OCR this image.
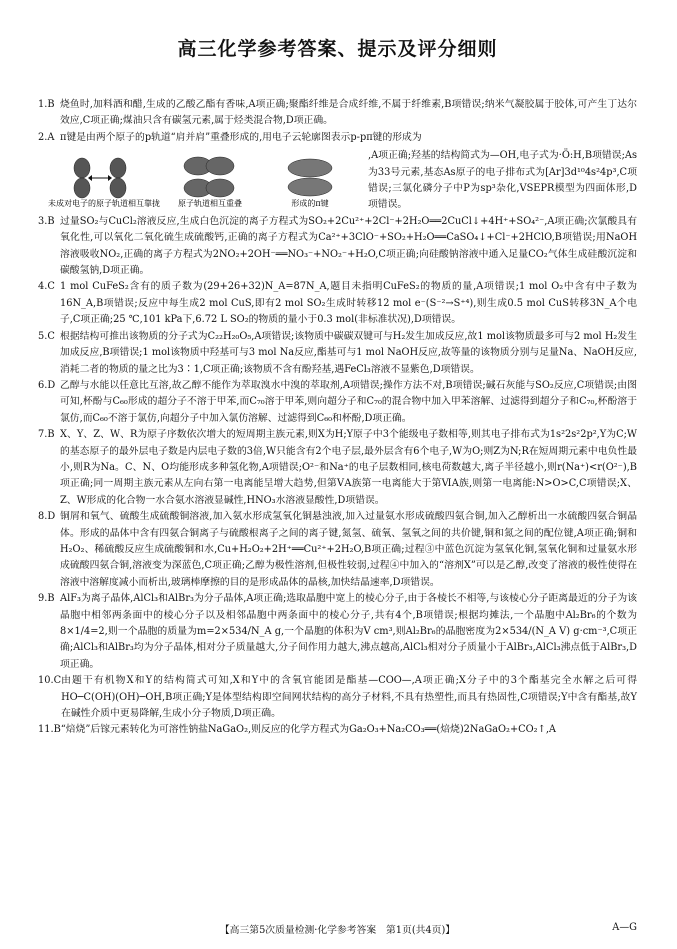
高三化学参考答案、提示及评分细则
1.B 烧鱼时,加料酒和醋,生成的乙酸乙酯有香味,A项正确;聚酯纤维是合成纤维,不属于纤维素,B项错误;纳米气凝胶属于胶体,可产生丁达尔效应,C项正确;煤油只含有碳氢元素,属于烃类混合物,D项正确。
2.A π键是由两个原子的p轨道“肩并肩”重叠形成的,用电子云轮廓图表示p-pπ键的形成为
未成对电子的原子轨道相互靠拢 原子轨道相互重叠	形成的π键
,A项正确;羟基的结构简式为—OH,电子式为·Ö:H,B项错误;As为33号元素,基态As原子的电子排布式为[Ar]3d¹⁰4s²4p³,C项错误;三氯化磷分子中P为sp³杂化,VSEPR模型为四面体形,D项错误。
3.B 过量SO₂与CuCl₂溶液反应,生成白色沉淀的离子方程式为SO₂+2Cu²⁺+2Cl⁻+2H₂O══2CuCl↓+4H⁺+SO₄²⁻,A项正确;次氯酸具有氧化性,可以氧化二氧化硫生成硫酸钙,正确的离子方程式为Ca²⁺+3ClO⁻+SO₂+H₂O══CaSO₄↓+Cl⁻+2HClO,B项错误;用NaOH溶液吸收NO₂,正确的离子方程式为2NO₂+2OH⁻══NO₃⁻+NO₂⁻+H₂O,C项正确;向硅酸钠溶液中通入足量CO₂气体生成硅酸沉淀和碳酸氢钠,D项正确。
4.C 1 mol CuFeS₂含有的质子数为(29+26+32)N_A=87N_A,题目未指明CuFeS₂的物质的量,A项错误;1 mol O₂中含有中子数为16N_A,B项错误;反应中每生成2 mol CuS,即有2 mol SO₂生成时转移12 mol e⁻(S⁻²→S⁺⁴),则生成0.5 mol CuS转移3N_A个电子,C项正确;25 ℃,101 kPa下,6.72 L SO₂的物质的量小于0.3 mol(非标准状况),D项错误。
5.C 根据结构可推出该物质的分子式为C₂₂H₂₀O₅,A项错误;该物质中碳碳双键可与H₂发生加成反应,故1 mol该物质最多可与2 mol H₂发生加成反应,B项错误;1 mol该物质中羟基可与3 mol Na反应,酯基可与1 mol NaOH反应,故等量的该物质分别与足量Na、NaOH反应,消耗二者的物质的量之比为3∶1,C项正确;该物质不含有酚羟基,遇FeCl₃溶液不显紫色,D项错误。
6.D 乙醇与水能以任意比互溶,故乙醇不能作为萃取溴水中溴的萃取剂,A项错误;操作方法不对,B项错误;碱石灰能与SO₂反应,C项错误;由图可知,杯酚与C₆₀形成的超分子不溶于甲苯,而C₇₀溶于甲苯,则向超分子和C₇₀的混合物中加入甲苯溶解、过滤得到超分子和C₇₀,杯酚溶于氯仿,而C₆₀不溶于氯仿,向超分子中加入氯仿溶解、过滤得到C₆₀和杯酚,D项正确。
7.B X、Y、Z、W、R为原子序数依次增大的短周期主族元素,则X为H;Y原子中3个能级电子数相等,则其电子排布式为1s²2s²2p²,Y为C;W的基态原子的最外层电子数是内层电子数的3倍,W只能含有2个电子层,最外层含有6个电子,W为O;则Z为N;R在短周期元素中电负性最小,则R为Na。C、N、O均能形成多种氢化物,A项错误;O²⁻和Na⁺的电子层数相同,核电荷数越大,离子半径越小,则r(Na⁺)<r(O²⁻),B项正确;同一周期主族元素从左向右第一电离能呈增大趋势,但第ⅤA族第一电离能大于第ⅥA族,则第一电离能:N>O>C,C项错误;X、Z、W形成的化合物一水合氨水溶液显碱性,HNO₃水溶液显酸性,D项错误。
8.D 铜屑和氧气、硫酸生成硫酸铜溶液,加入氨水形成氢氧化铜悬浊液,加入过量氨水形成硫酸四氨合铜,加入乙醇析出一水硫酸四氨合铜晶体。形成的晶体中含有四氨合铜离子与硫酸根离子之间的离子键,氮氢、硫氧、氢氧之间的共价键,铜和氮之间的配位键,A项正确;铜和H₂O₂、稀硫酸反应生成硫酸铜和水,Cu+H₂O₂+2H⁺══Cu²⁺+2H₂O,B项正确;过程③中蓝色沉淀为氢氧化铜,氢氧化铜和过量氨水形成硫酸四氨合铜,溶液变为深蓝色,C项正确;乙醇为极性溶剂,但极性较弱,过程④中加入的“溶剂X”可以是乙醇,改变了溶液的极性使得在溶液中溶解度减小而析出,玻璃棒摩擦的目的是形成晶体的晶核,加快结晶速率,D项错误。
9.B AlF₃为离子晶体,AlCl₃和AlBr₃为分子晶体,A项正确;选取晶胞中宽上的棱心分子,由于各棱长不相等,与该棱心分子距离最近的分子为该晶胞中相邻两条面中的棱心分子以及相邻晶胞中两条面中的棱心分子,共有4个,B项错误;根据均摊法,一个晶胞中Al₂Br₆的个数为8×1/4=2,则一个晶胞的质量为m=2×534/N_A g,一个晶胞的体积为V cm³,则Al₂Br₆的晶胞密度为2×534/(N_A V) g·cm⁻³,C项正确;AlCl₃和AlBr₃均为分子晶体,相对分子质量越大,分子间作用力越大,沸点越高,AlCl₃相对分子质量小于AlBr₃,AlCl₃沸点低于AlBr₃,D项正确。
10.C 由题干有机物X和Y的结构简式可知,X和Y中的含氧官能团是酯基—COO—,A项正确;X分子中的3个酯基完全水解之后可得 HO─C(OH)(OH)─OH,B项正确;Y是体型结构即空间网状结构的高分子材料,不具有热塑性,而具有热固性,C项错误;Y中含有酯基,故Y在碱性介质中更易降解,生成小分子物质,D项正确。
11.B “焙烧”后镓元素转化为可溶性钠盐NaGaO₂,则反应的化学方程式为Ga₂O₃+Na₂CO₃══(焙烧)2NaGaO₂+CO₂↑,A
【高三第5次质量检测·化学参考答案　第1页(共4页)】	A—G
